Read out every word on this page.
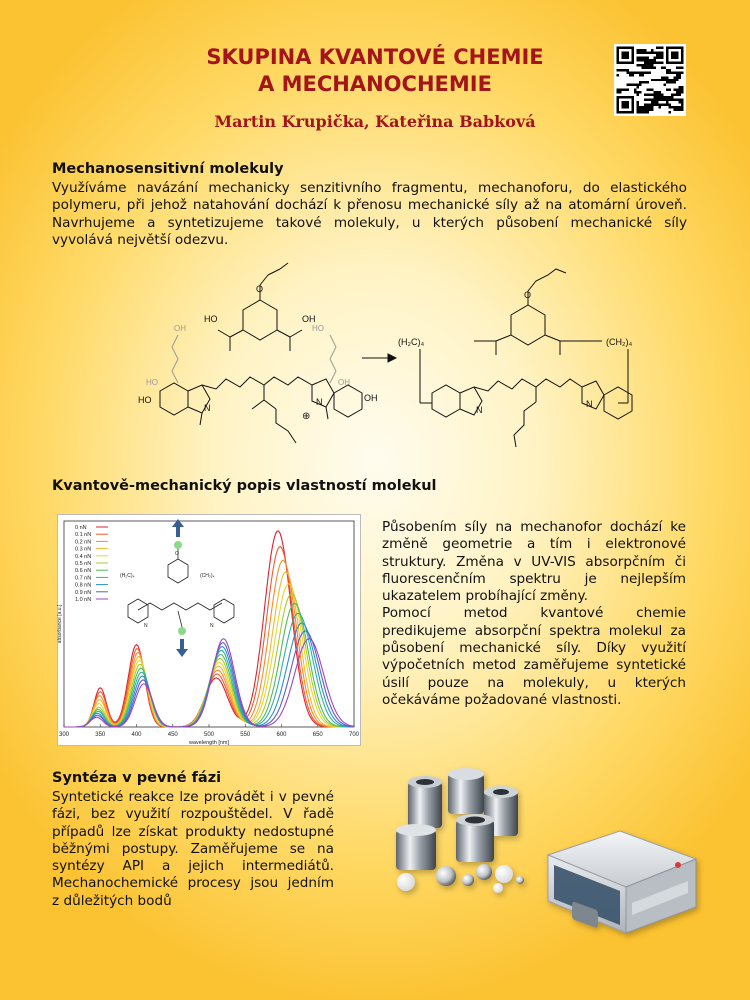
SKUPINA KVANTOVÉ CHEMIE
A MECHANOCHEMIE
Martin Krupička, Kateřina Babková
Mechanosensitivní molekuly
Využíváme navázání mechanicky senzitivního fragmentu, mechanoforu, do elastického
polymeru, při jehož natahování dochází k přenosu mechanické síly až na atomární úroveň.
Navrhujeme a syntetizujeme takové molekuly, u kterých působení mechanické síly
vyvolává největší odezvu.
HO	OH
O
OH
HO
HO
OH
HO	OH
N
N
⊕
O
(H₂C)₄	(CH₂)₄
N
N
Kvantově-mechanický popis vlastností molekul
300	350	400	450	500	550	600	650	700
wavelength [nm]
absorbance [a.u.]
0 nN
0.1 nN
0.2 nN
0.3 nN
0.4 nN
0.5 nN
0.6 nN
0.7 nN
0.8 nN
0.9 nN
1.0 nN
(H₂C)₄	(CH₂)₄
N	N
O
Působením síly na mechanofor dochází ke
změně geometrie a tím i elektronové
struktury. Změna v UV-VIS absorpčním či
fluorescenčním spektru je nejlepším
ukazatelem probíhající změny.
Pomocí metod kvantové chemie
predikujeme absorpční spektra molekul za
působení mechanické síly. Díky využití
výpočetních metod zaměřujeme syntetické
úsilí pouze na molekuly, u kterých
očekáváme požadované vlastnosti.
Syntéza v pevné fázi
Syntetické reakce lze provádět i v pevné
fázi, bez využití rozpouštědel. V řadě
případů lze získat produkty nedostupné
běžnými postupy. Zaměřujeme se na
syntézy API a jejich intermediátů.
Mechanochemické procesy jsou jedním
z důležitých bodů
